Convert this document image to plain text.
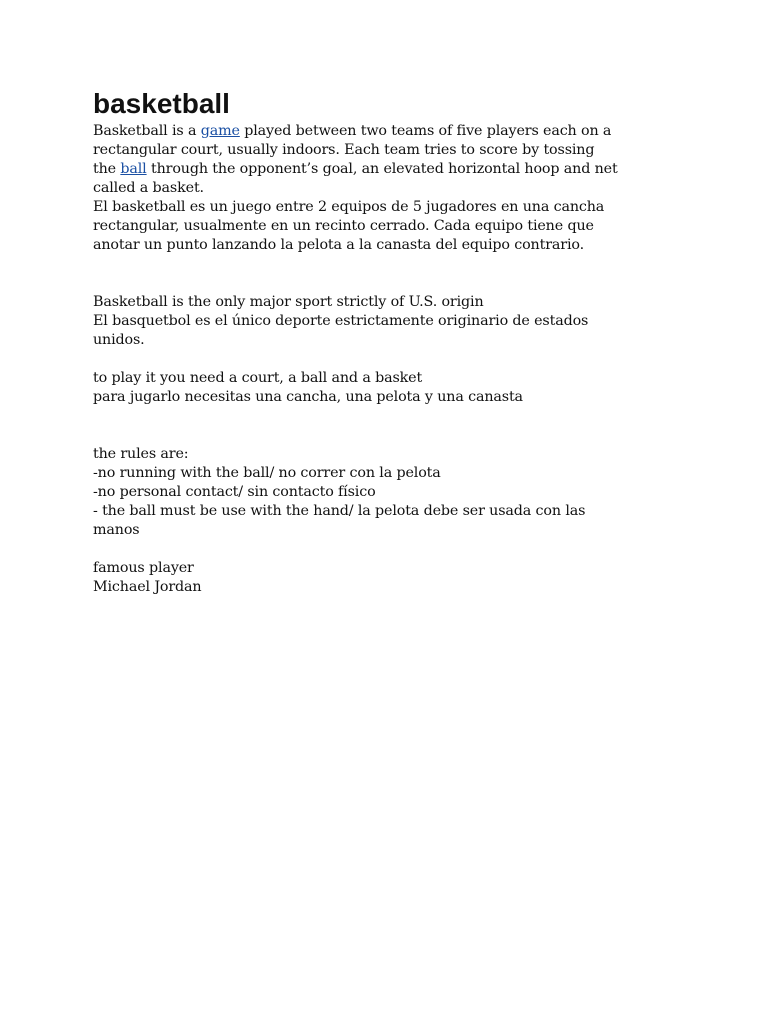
basketball
Basketball is a game played between two teams of five players each on a
rectangular court, usually indoors. Each team tries to score by tossing
the ball through the opponent’s goal, an elevated horizontal hoop and net
called a basket.
El basketball es un juego entre 2 equipos de 5 jugadores en una cancha
rectangular, usualmente en un recinto cerrado. Cada equipo tiene que
anotar un punto lanzando la pelota a la canasta del equipo contrario.
Basketball is the only major sport strictly of U.S. origin
El basquetbol es el único deporte estrictamente originario de estados
unidos.
to play it you need a court, a ball and a basket
para jugarlo necesitas una cancha, una pelota y una canasta
the rules are:
-no running with the ball/ no correr con la pelota
-no personal contact/ sin contacto físico
- the ball must be use with the hand/ la pelota debe ser usada con las
manos
famous player
Michael Jordan
